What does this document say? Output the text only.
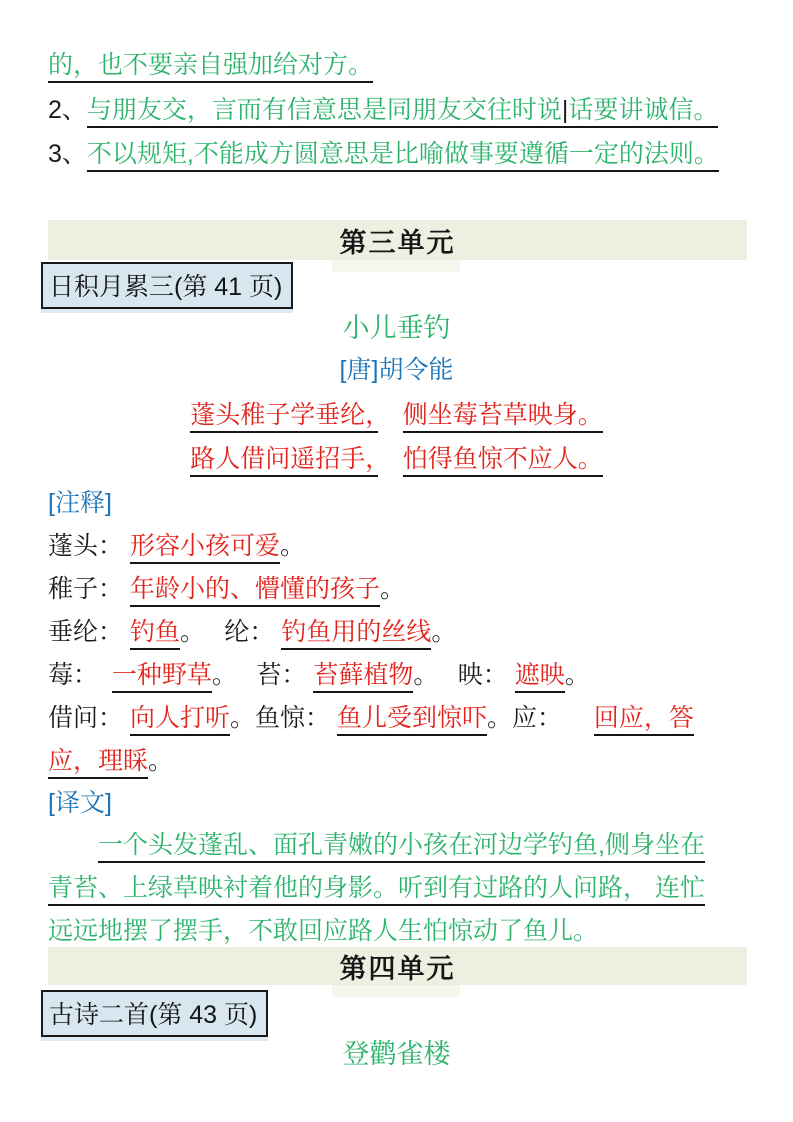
的，也不要亲自强加给对方。
2、与朋友交，言而有信意思是同朋友交往时说|话要讲诚信。
3、不以规矩,不能成方圆意思是比喻做事要遵循一定的法则。
第三单元
日积月累三(第 41 页)
小儿垂钓
[唐]胡令能
蓬头稚子学垂纶，　 侧坐莓苔草映身。
路人借问遥招手，　 怕得鱼惊不应人。
[注释]
蓬头： 形容小孩可爱。
稚子： 年龄小的、懵懂的孩子。
垂纶： 钓鱼。　 纶： 钓鱼用的丝线。
莓：  一种野草。　 苔： 苔藓植物。　 映： 遮映。
借问： 向人打听。鱼惊： 鱼儿受到惊吓。应： 　回应，答
应，理睬。
[译文]
　　一个头发蓬乱、面孔青嫩的小孩在河边学钓鱼,侧身坐在
青苔、上绿草映衬着他的身影。听到有过路的人问路， 连忙
远远地摆了摆手，不敢回应路人生怕惊动了鱼儿。
第四单元
古诗二首(第 43 页)
登鹳雀楼
